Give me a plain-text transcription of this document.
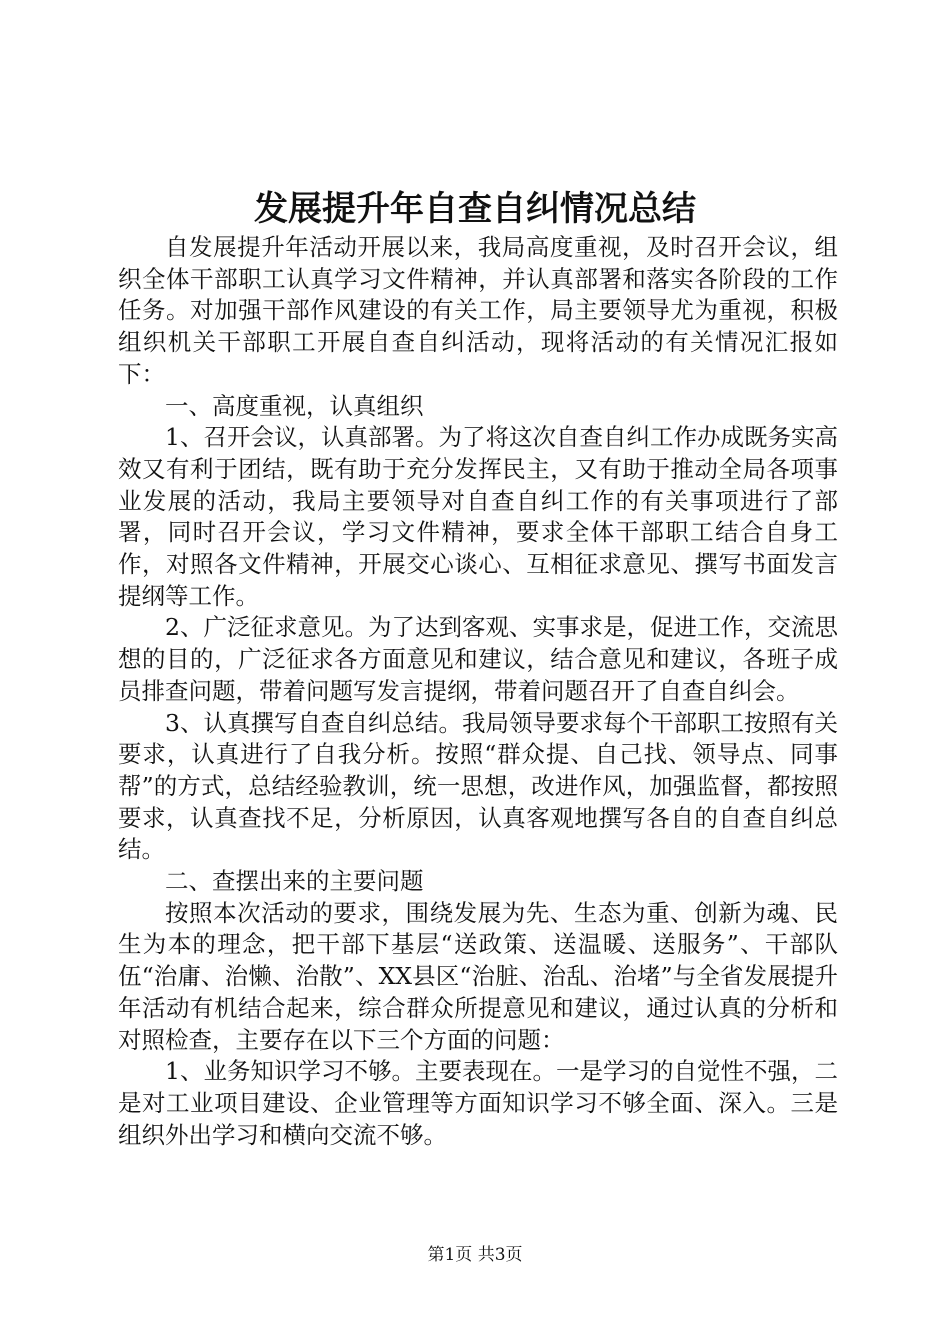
发展提升年自查自纠情况总结

自发展提升年活动开展以来，我局高度重视，及时召开会议，组织全体干部职工认真学习文件精神，并认真部署和落实各阶段的工作任务。对加强干部作风建设的有关工作，局主要领导尤为重视，积极组织机关干部职工开展自查自纠活动，现将活动的有关情况汇报如下：

一、高度重视，认真组织

1、召开会议，认真部署。为了将这次自查自纠工作办成既务实高效又有利于团结，既有助于充分发挥民主，又有助于推动全局各项事业发展的活动，我局主要领导对自查自纠工作的有关事项进行了部署，同时召开会议，学习文件精神，要求全体干部职工结合自身工作，对照各文件精神，开展交心谈心、互相征求意见、撰写书面发言提纲等工作。

2、广泛征求意见。为了达到客观、实事求是，促进工作，交流思想的目的，广泛征求各方面意见和建议，结合意见和建议，各班子成员排查问题，带着问题写发言提纲，带着问题召开了自查自纠会。

3、认真撰写自查自纠总结。我局领导要求每个干部职工按照有关要求，认真进行了自我分析。按照“群众提、自己找、领导点、同事帮”的方式，总结经验教训，统一思想，改进作风，加强监督，都按照要求，认真查找不足，分析原因，认真客观地撰写各自的自查自纠总结。

二、查摆出来的主要问题

按照本次活动的要求，围绕发展为先、生态为重、创新为魂、民生为本的理念，把干部下基层“送政策、送温暖、送服务”、干部队伍“治庸、治懒、治散”、XX县区“治脏、治乱、治堵”与全省发展提升年活动有机结合起来，综合群众所提意见和建议，通过认真的分析和对照检查，主要存在以下三个方面的问题：

1、业务知识学习不够。主要表现在。一是学习的自觉性不强，二是对工业项目建设、企业管理等方面知识学习不够全面、深入。三是组织外出学习和横向交流不够。

第1页 共3页
